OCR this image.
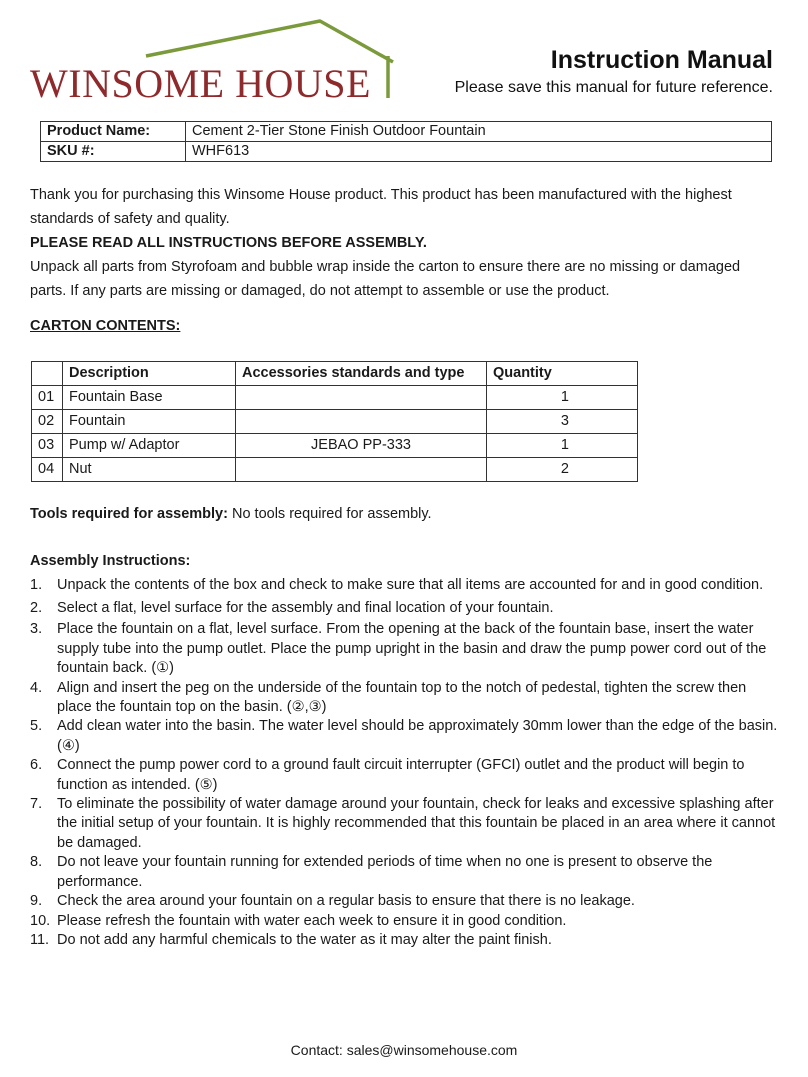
WINSOME HOUSE
Instruction Manual
Please save this manual for future reference.
Product Name:	Cement 2-Tier Stone Finish Outdoor Fountain
SKU #:	WHF613

Thank you for purchasing this Winsome House product. This product has been manufactured with the highest standards of safety and quality.

PLEASE READ ALL INSTRUCTIONS BEFORE ASSEMBLY.

Unpack all parts from Styrofoam and bubble wrap inside the carton to ensure there are no missing or damaged parts. If any parts are missing or damaged, do not attempt to assemble or use the product.

CARTON CONTENTS:
	Description	Accessories standards and type	Quantity
01	Fountain Base		1
02	Fountain		3
03	Pump w/ Adaptor	JEBAO PP-333	1
04	Nut		2
Tools required for assembly: No tools required for assembly.
Assembly Instructions:
1. Unpack the contents of the box and check to make sure that all items are accounted for and in good condition.
2. Select a flat, level surface for the assembly and final location of your fountain.
3. Place the fountain on a flat, level surface. From the opening at the back of the fountain base, insert the water supply tube into the pump outlet. Place the pump upright in the basin and draw the pump power cord out of the fountain back. (①)
4. Align and insert the peg on the underside of the fountain top to the notch of pedestal, tighten the screw then place the fountain top on the basin. (②,③)
5. Add clean water into the basin. The water level should be approximately 30mm lower than the edge of the basin. (④)
6. Connect the pump power cord to a ground fault circuit interrupter (GFCI) outlet and the product will begin to function as intended. (⑤)
7. To eliminate the possibility of water damage around your fountain, check for leaks and excessive splashing after the initial setup of your fountain. It is highly recommended that this fountain be placed in an area where it cannot be damaged.
8. Do not leave your fountain running for extended periods of time when no one is present to observe the performance.
9. Check the area around your fountain on a regular basis to ensure that there is no leakage.
10. Please refresh the fountain with water each week to ensure it in good condition.
11. Do not add any harmful chemicals to the water as it may alter the paint finish.
Contact: sales@winsomehouse.com
